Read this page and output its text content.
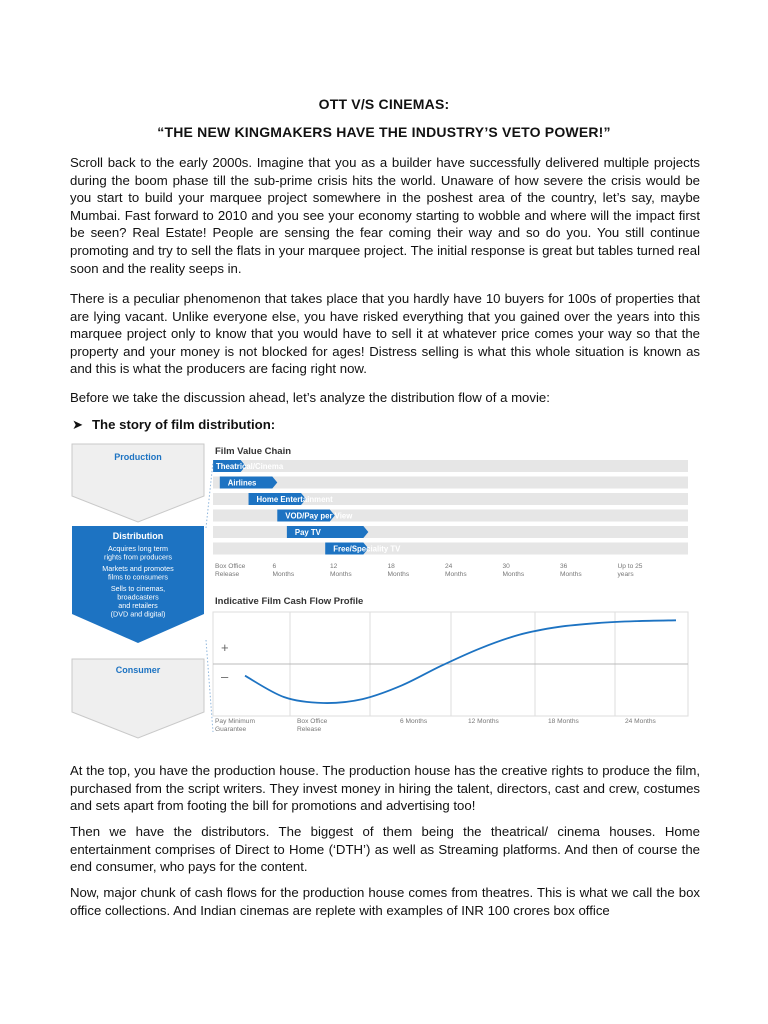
OTT V/S CINEMAS:
“THE NEW KINGMAKERS HAVE THE INDUSTRY’S VETO POWER!”

Scroll back to the early 2000s. Imagine that you as a builder have successfully delivered multiple projects during the boom phase till the sub-prime crisis hits the world. Unaware of how severe the crisis would be you start to build your marquee project somewhere in the poshest area of the country, let’s say, maybe Mumbai. Fast forward to 2010 and you see your economy starting to wobble and where will the impact first be seen? Real Estate! People are sensing the fear coming their way and so do you. You still continue promoting and try to sell the flats in your marquee project. The initial response is great but tables turned real soon and the reality seeps in.

There is a peculiar phenomenon that takes place that you hardly have 10 buyers for 100s of properties that are lying vacant. Unlike everyone else, you have risked everything that you gained over the years into this marquee project only to know that you would have to sell it at whatever price comes your way so that the property and your money is not blocked for ages! Distress selling is what this whole situation is known as and this is what the producers are facing right now.

Before we take the discussion ahead, let’s analyze the distribution flow of a movie:

➤ The story of film distribution:
Production
Distribution
Acquires long term
rights from producers
Markets and promotes
films to consumers
Sells to cinemas,
broadcasters
and retailers
(DVD and digital)
Consumer
Film Value Chain
Theatrical/Cinema
Airlines
Home Entertainment
VOD/Pay per View
Pay TV
Free/Speciality TV
Box Office
Release
6
Months
12
Months
18
Months
24
Months
30
Months
36
Months
Up to 25
years
Indicative Film Cash Flow Profile
+
–
Pay Minimum
Guarantee
Box Office
Release
6 Months	12 Months	18 Months	24 Months

At the top, you have the production house. The production house has the creative rights to produce the film, purchased from the script writers. They invest money in hiring the talent, directors, cast and crew, costumes and sets apart from footing the bill for promotions and advertising too!

Then we have the distributors. The biggest of them being the theatrical/ cinema houses. Home entertainment comprises of Direct to Home (‘DTH’) as well as Streaming platforms. And then of course the end consumer, who pays for the content.

Now, major chunk of cash flows for the production house comes from theatres. This is what we call the box office collections. And Indian cinemas are replete with examples of INR 100 crores box office
